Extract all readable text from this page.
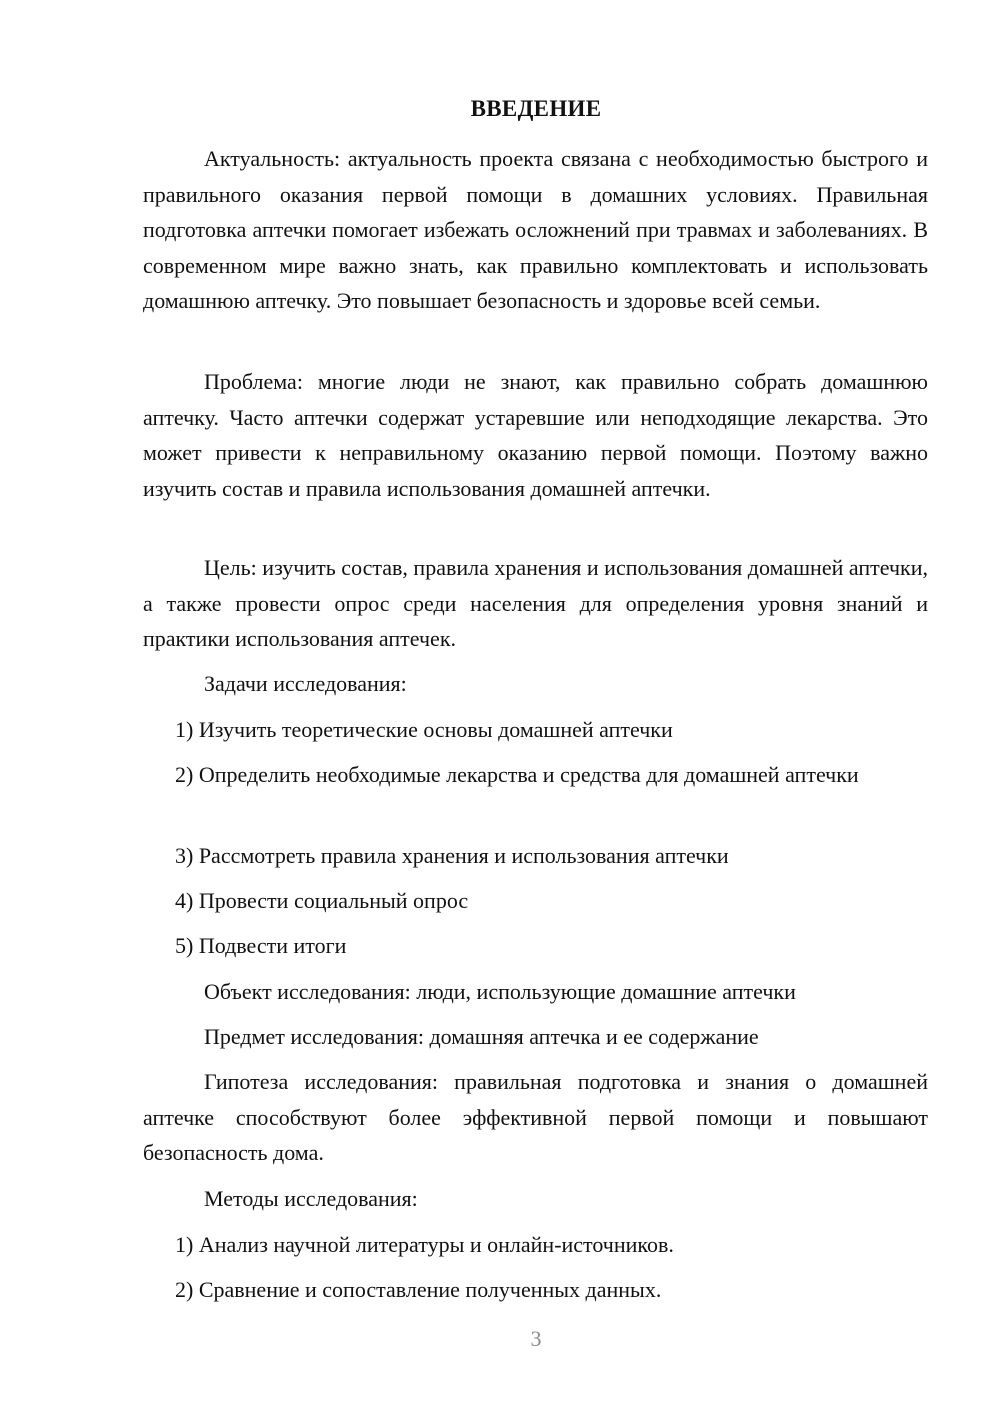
ВВЕДЕНИЕ
Актуальность: актуальность проекта связана с необходимостью быстрого и правильного оказания первой помощи в домашних условиях. Правильная подготовка аптечки помогает избежать осложнений при травмах и заболеваниях. В современном мире важно знать, как правильно комплектовать и использовать домашнюю аптечку. Это повышает безопасность и здоровье всей семьи.
Проблема: многие люди не знают, как правильно собрать домашнюю аптечку. Часто аптечки содержат устаревшие или неподходящие лекарства. Это может привести к неправильному оказанию первой помощи. Поэтому важно изучить состав и правила использования домашней аптечки.
Цель: изучить состав, правила хранения и использования домашней аптечки, а также провести опрос среди населения для определения уровня знаний и практики использования аптечек.
Задачи исследования:
1) Изучить теоретические основы домашней аптечки
2) Определить необходимые лекарства и средства для домашней аптечки
3) Рассмотреть правила хранения и использования аптечки
4) Провести социальный опрос
5) Подвести итоги
Объект исследования: люди, использующие домашние аптечки
Предмет исследования: домашняя аптечка и ее содержание
Гипотеза исследования: правильная подготовка и знания о домашней аптечке способствуют более эффективной первой помощи и повышают безопасность дома.
Методы исследования:
1) Анализ научной литературы и онлайн-источников.
2) Сравнение и сопоставление полученных данных.
3
